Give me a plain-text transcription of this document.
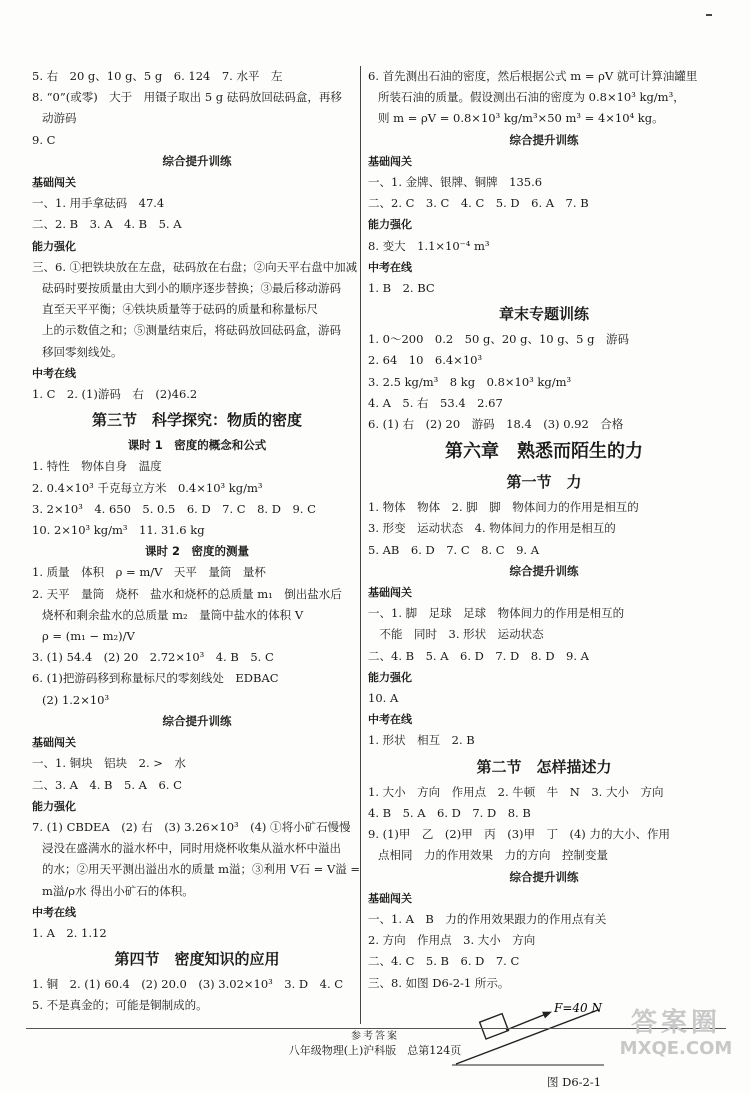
5. 右　20 g、10 g、5 g　6. 124　7. 水平　左
8. “0”(或零)　大于　用镊子取出 5 g 砝码放回砝码盒，再移
动游码
9. C
综合提升训练
基础闯关
一、1. 用手拿砝码　47.4
二、2. B　3. A　4. B　5. A
能力强化
三、6. ①把铁块放在左盘，砝码放在右盘；②向天平右盘中加减
砝码时要按质量由大到小的顺序逐步替换；③最后移动游码
直至天平平衡；④铁块质量等于砝码的质量和称量标尺
上的示数值之和；⑤测量结束后，将砝码放回砝码盒，游码
移回零刻线处。
中考在线
1. C　2. (1)游码　右　(2)46.2
第三节　科学探究：物质的密度
课时 1　密度的概念和公式
1. 特性　物体自身　温度
2. 0.4×10³ 千克每立方米　0.4×10³ kg/m³
3. 2×10³　4. 650　5. 0.5　6. D　7. C　8. D　9. C
10. 2×10³ kg/m³　11. 31.6 kg
课时 2　密度的测量
1. 质量　体积　ρ = m/V　天平　量筒　量杯
2. 天平　量筒　烧杯　盐水和烧杯的总质量 m₁　倒出盐水后
烧杯和剩余盐水的总质量 m₂　量筒中盐水的体积 V
ρ = (m₁ − m₂)/V
3. (1) 54.4　(2) 20　2.72×10³　4. B　5. C
6. (1)把游码移到称量标尺的零刻线处　EDBAC
(2) 1.2×10³
综合提升训练
基础闯关
一、1. 铜块　铝块　2. >　水
二、3. A　4. B　5. A　6. C
能力强化
7. (1) CBDEA　(2) 右　(3) 3.26×10³　(4) ①将小矿石慢慢
浸没在盛满水的溢水杯中，同时用烧杯收集从溢水杯中溢出
的水；②用天平测出溢出水的质量 m溢；③利用 V石 = V溢 =
m溢/ρ水 得出小矿石的体积。
中考在线
1. A　2. 1.12
第四节　密度知识的应用
1. 铜　2. (1) 60.4　(2) 20.0　(3) 3.02×10³　3. D　4. C
5. 不是真金的；可能是铜制成的。
6. 首先测出石油的密度，然后根据公式 m = ρV 就可计算油罐里
所装石油的质量。假设测出石油的密度为 0.8×10³ kg/m³，
则 m = ρV = 0.8×10³ kg/m³×50 m³ = 4×10⁴ kg。
综合提升训练
基础闯关
一、1. 金牌、银牌、铜牌　135.6
二、2. C　3. C　4. C　5. D　6. A　7. B
能力强化
8. 变大　1.1×10⁻⁴ m³
中考在线
1. B　2. BC
章末专题训练
1. 0～200　0.2　50 g、20 g、10 g、5 g　游码
2. 64　10　6.4×10³
3. 2.5 kg/m³　8 kg　0.8×10³ kg/m³
4. A　5. 右　53.4　2.67
6. (1) 右　(2) 20　游码　18.4　(3) 0.92　合格
第六章　熟悉而陌生的力
第一节　力
1. 物体　物体　2. 脚　脚　物体间力的作用是相互的
3. 形变　运动状态　4. 物体间力的作用是相互的
5. AB　6. D　7. C　8. C　9. A
综合提升训练
基础闯关
一、1. 脚　足球　足球　物体间力的作用是相互的
　不能　同时　3. 形状　运动状态
二、4. B　5. A　6. D　7. D　8. D　9. A
能力强化
10. A
中考在线
1. 形状　相互　2. B
第二节　怎样描述力
1. 大小　方向　作用点　2. 牛顿　牛　N　3. 大小　方向
4. B　5. A　6. D　7. D　8. B
9. (1)甲　乙　(2)甲　丙　(3)甲　丁　(4) 力的大小、作用
点相同　力的作用效果　力的方向　控制变量
综合提升训练
基础闯关
一、1. A　B　力的作用效果跟力的作用点有关
2. 方向　作用点　3. 大小　方向
二、4. C　5. B　6. D　7. C
三、8. 如图 D6-2-1 所示。
F=40 N
图 D6-2-1
参考答案
八年级物理(上)沪科版　总第124页
答案圈
MXQE.COM
